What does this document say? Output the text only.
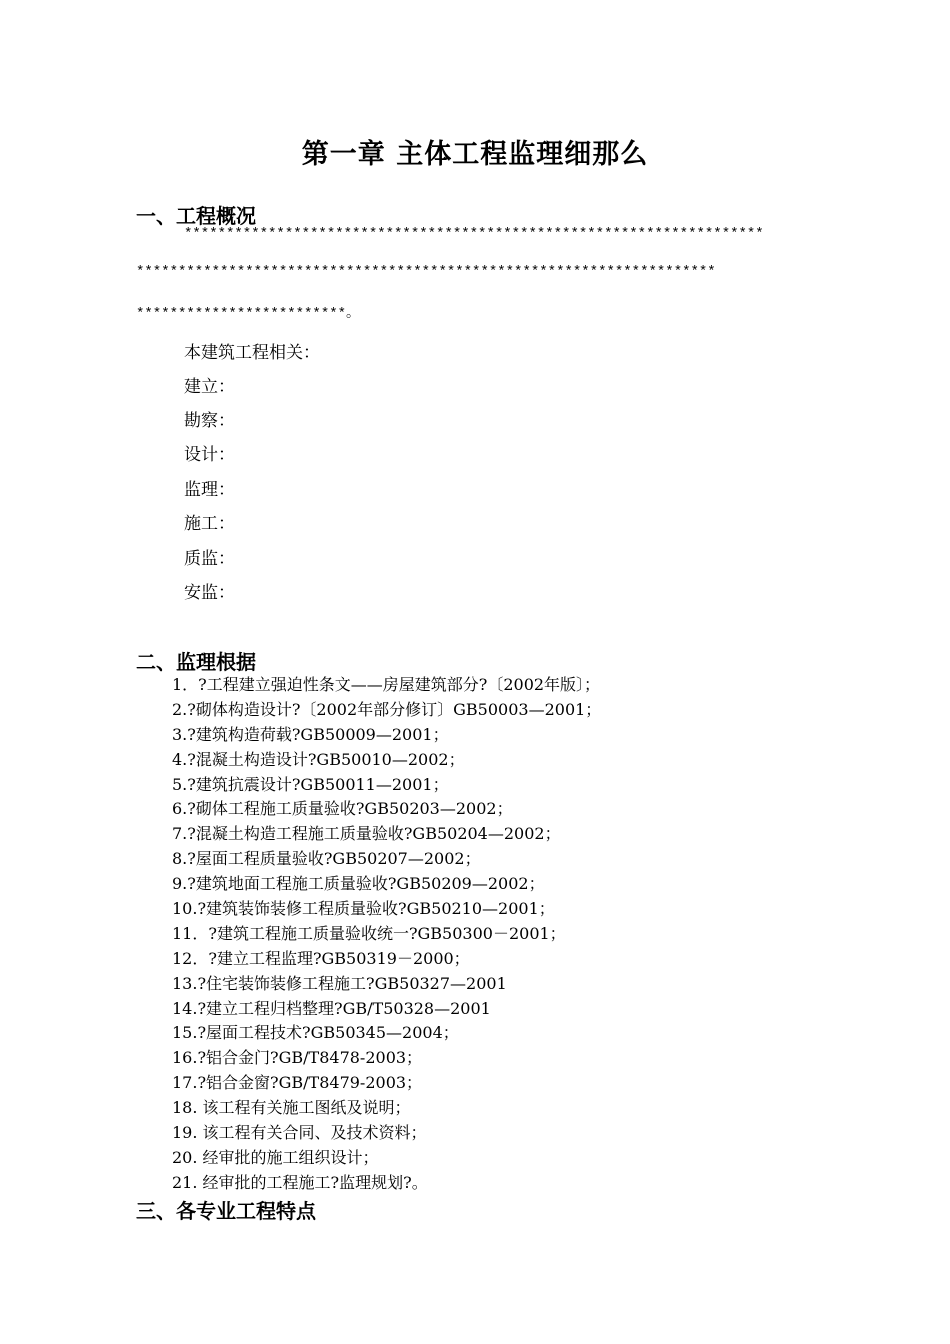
第一章 主体工程监理细那么
一、工程概况
*********************************************************************
*********************************************************************
*************************。
本建筑工程相关：
建立：
勘察：
设计：
监理：
施工：
质监：
安监：
二、监理根据
1．?工程建立强迫性条文——房屋建筑部分?〔2002年版〕；
2.?砌体构造设计?〔2002年部分修订〕GB50003—2001；
3.?建筑构造荷载?GB50009—2001；
4.?混凝土构造设计?GB50010—2002；
5.?建筑抗震设计?GB50011—2001；
6.?砌体工程施工质量验收?GB50203—2002；
7.?混凝土构造工程施工质量验收?GB50204—2002；
8.?屋面工程质量验收?GB50207—2002；
9.?建筑地面工程施工质量验收?GB50209—2002；
10.?建筑装饰装修工程质量验收?GB50210—2001；
11．?建筑工程施工质量验收统一?GB50300－2001；
12．?建立工程监理?GB50319－2000；
13.?住宅装饰装修工程施工?GB50327—2001
14.?建立工程归档整理?GB/T50328—2001
15.?屋面工程技术?GB50345—2004；
16.?铝合金门?GB/T8478-2003；
17.?铝合金窗?GB/T8479-2003；
18. 该工程有关施工图纸及说明；
19. 该工程有关合同、及技术资料；
20. 经审批的施工组织设计；
21. 经审批的工程施工?监理规划?。
三、各专业工程特点
